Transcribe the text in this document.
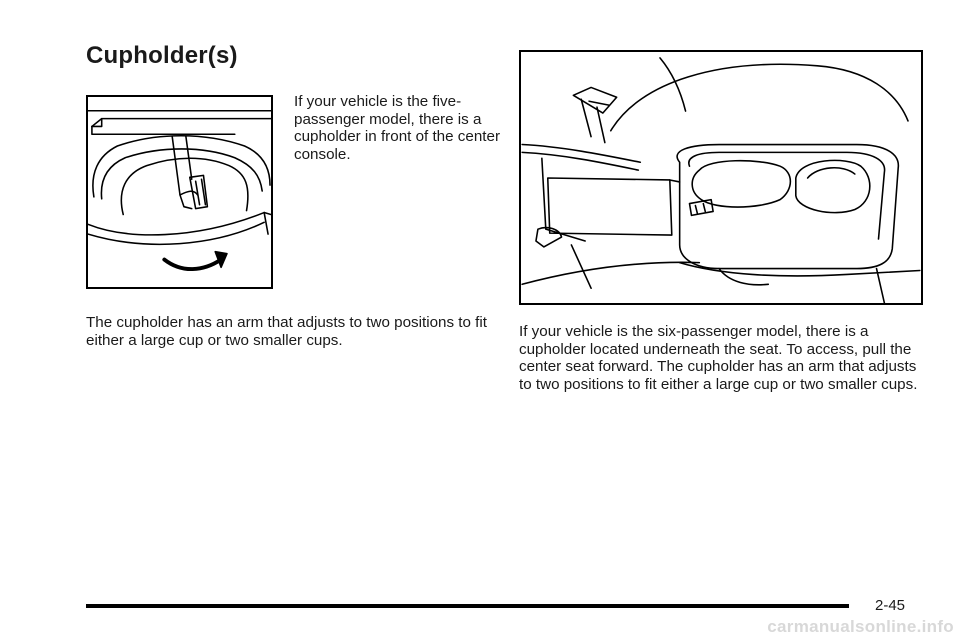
Cupholder(s)

If your vehicle is the five-passenger model, there is a cupholder in front of the center console.

The cupholder has an arm that adjusts to two positions to fit either a large cup or two smaller cups.

If your vehicle is the six-passenger model, there is a cupholder located underneath the seat. To access, pull the center seat forward. The cupholder has an arm that adjusts to two positions to fit either a large cup or two smaller cups.

2-45
carmanualsonline.info
